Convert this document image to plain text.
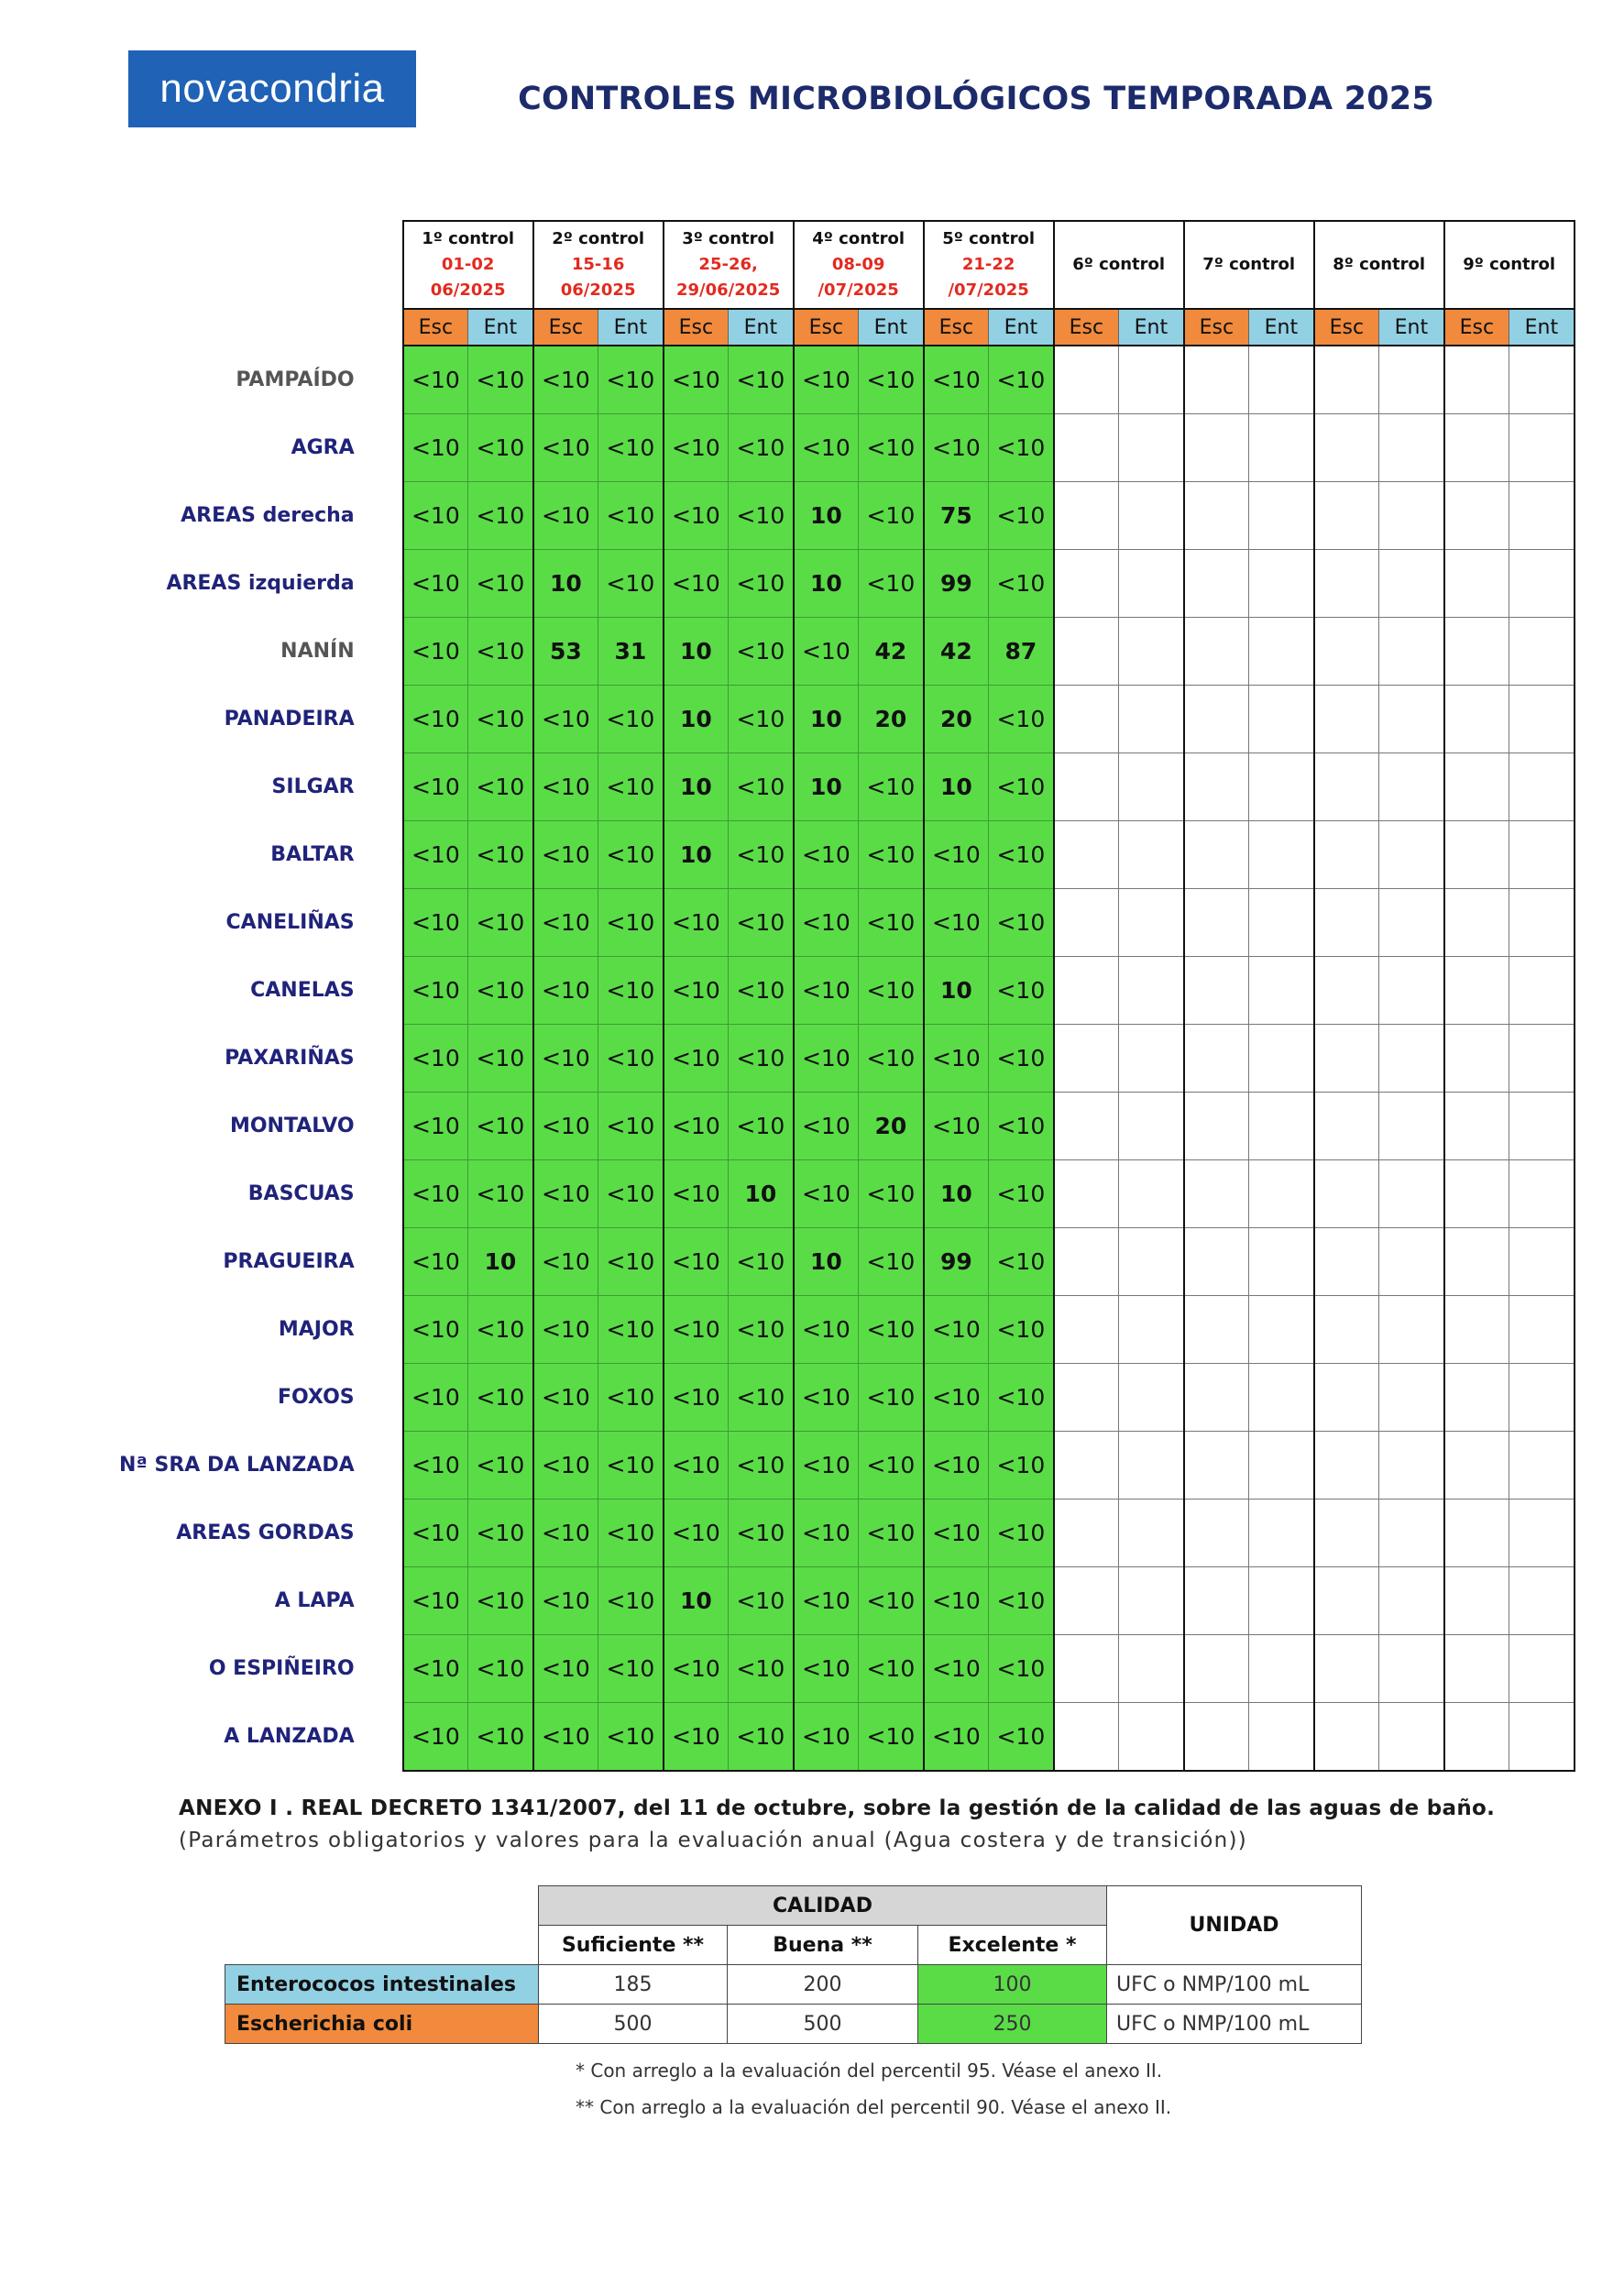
novacondria	CONTROLES MICROBIOLÓGICOS TEMPORADA 2025

	1º control
01-02
06/2025		2º control
15-16
06/2025		3º control
25-26,
29/06/2025		4º control
08-09
/07/2025		5º control
21-22
/07/2025		6º control		7º control		8º control		9º control	

	Esc	Ent	Esc	Ent	Esc	Ent	Esc	Ent	Esc	Ent	Esc	Ent	Esc	Ent	Esc	Ent	Esc	Ent
PAMPAÍDO	<10	<10	<10	<10	<10	<10	<10	<10	<10	<10								
AGRA	<10	<10	<10	<10	<10	<10	<10	<10	<10	<10								
AREAS derecha	<10	<10	<10	<10	<10	<10	10	<10	75	<10								
AREAS izquierda	<10	<10	10	<10	<10	<10	10	<10	99	<10								
NANÍN	<10	<10	53	31	10	<10	<10	42	42	87								
PANADEIRA	<10	<10	<10	<10	10	<10	10	20	20	<10								
SILGAR	<10	<10	<10	<10	10	<10	10	<10	10	<10								
BALTAR	<10	<10	<10	<10	10	<10	<10	<10	<10	<10								
CANELIÑAS	<10	<10	<10	<10	<10	<10	<10	<10	<10	<10								
CANELAS	<10	<10	<10	<10	<10	<10	<10	<10	10	<10								
PAXARIÑAS	<10	<10	<10	<10	<10	<10	<10	<10	<10	<10								
MONTALVO	<10	<10	<10	<10	<10	<10	<10	20	<10	<10								
BASCUAS	<10	<10	<10	<10	<10	10	<10	<10	10	<10								
PRAGUEIRA	<10	10	<10	<10	<10	<10	10	<10	99	<10								
MAJOR	<10	<10	<10	<10	<10	<10	<10	<10	<10	<10								
FOXOS	<10	<10	<10	<10	<10	<10	<10	<10	<10	<10								
Nª SRA DA LANZADA	<10	<10	<10	<10	<10	<10	<10	<10	<10	<10								
AREAS GORDAS	<10	<10	<10	<10	<10	<10	<10	<10	<10	<10								
A LAPA	<10	<10	<10	<10	10	<10	<10	<10	<10	<10								
O ESPIÑEIRO	<10	<10	<10	<10	<10	<10	<10	<10	<10	<10								
A LANZADA	<10	<10	<10	<10	<10	<10	<10	<10	<10	<10								
ANEXO I . REAL DECRETO 1341/2007, del 11 de octubre, sobre la gestión de la calidad de las aguas de baño.
(Parámetros obligatorios y valores para la evaluación anual (Agua costera y de transición))
	CALIDAD			UNIDAD
	Suficiente **	Buena **	Excelente *	
Enterococos intestinales	185	200	100	UFC o NMP/100 mL
Escherichia coli	500	500	250	UFC o NMP/100 mL
* Con arreglo a la evaluación del percentil 95. Véase el anexo II.
** Con arreglo a la evaluación del percentil 90. Véase el anexo II.
